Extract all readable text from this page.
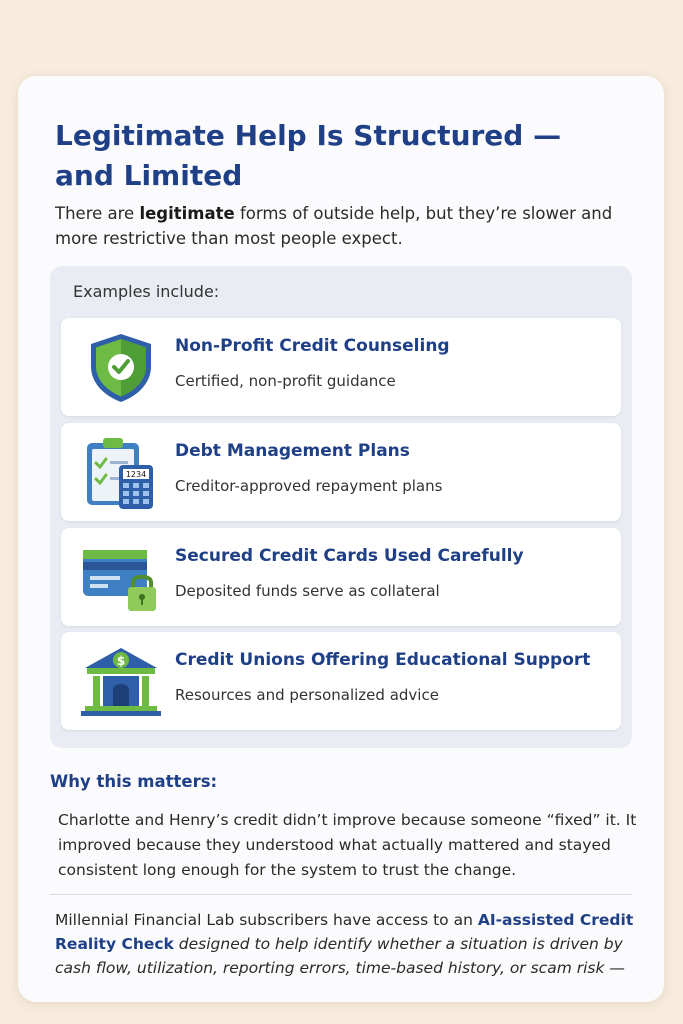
Legitimate Help Is Structured — and Limited
There are legitimate forms of outside help, but they’re slower and more restrictive than most people expect.
Examples include:
Non-Profit Credit Counseling
Certified, non-profit guidance
1234
Debt Management Plans
Creditor-approved repayment plans
Secured Credit Cards Used Carefully
Deposited funds serve as collateral
$	Credit Unions Offering Educational Support
Resources and personalized advice
Why this matters:
Charlotte and Henry’s credit didn’t improve because someone “fixed” it. It improved because they understood what actually mattered and stayed consistent long enough for the system to trust the change.
Millennial Financial Lab subscribers have access to an AI-assisted Credit Reality Check designed to help identify whether a situation is driven by cash flow, utilization, reporting errors, time-based history, or scam risk —
